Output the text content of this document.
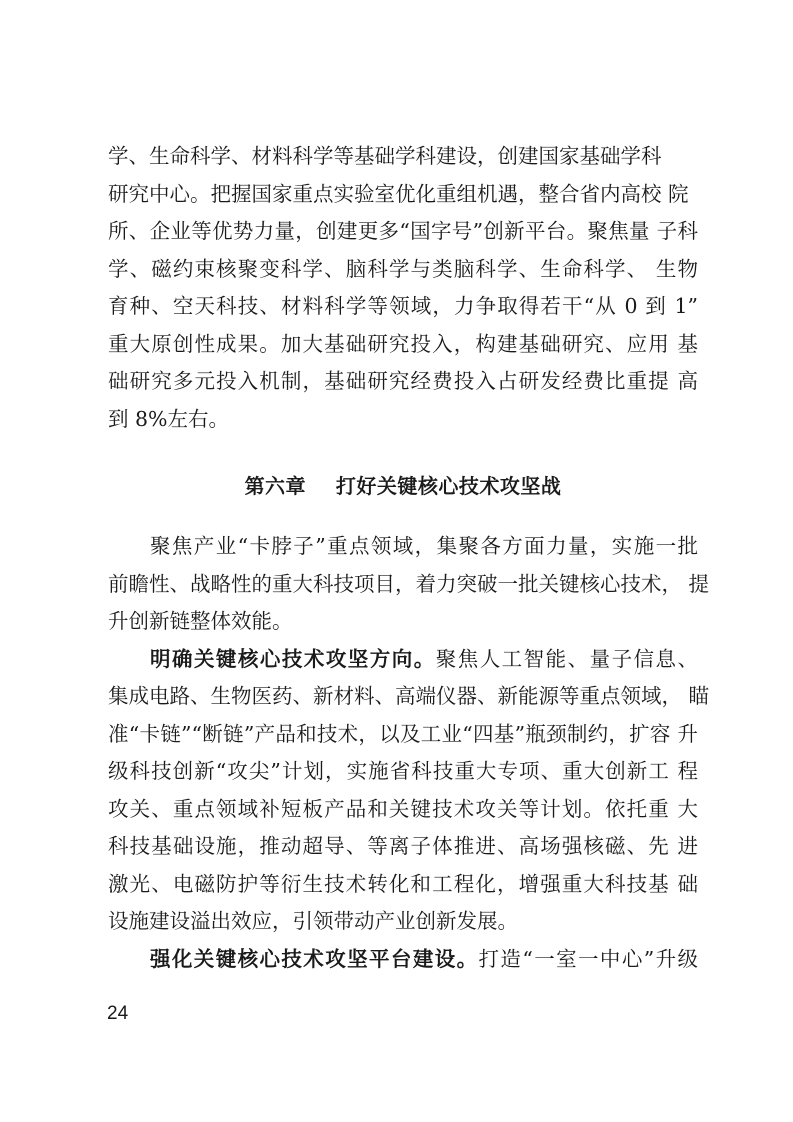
学、生命科学、材料科学等基础学科建设，创建国家基础学科
研究中心。把握国家重点实验室优化重组机遇，整合省内高校 院
所、企业等优势力量，创建更多“国字号”创新平台。聚焦量 子科
学、磁约束核聚变科学、脑科学与类脑科学、生命科学、 生物
育种、空天科技、材料科学等领域，力争取得若干“从 0 到 1”
重大原创性成果。加大基础研究投入，构建基础研究、应用 基
础研究多元投入机制，基础研究经费投入占研发经费比重提 高
到 8%左右。
第六章    打好关键核心技术攻坚战
聚焦产业“卡脖子”重点领域，集聚各方面力量，实施一批
前瞻性、战略性的重大科技项目，着力突破一批关键核心技术， 提
升创新链整体效能。
明确关键核心技术攻坚方向。聚焦人工智能、量子信息、
集成电路、生物医药、新材料、高端仪器、新能源等重点领域， 瞄
准“卡链”“断链”产品和技术，以及工业“四基”瓶颈制约，扩容 升
级科技创新“攻尖”计划，实施省科技重大专项、重大创新工 程
攻关、重点领域补短板产品和关键技术攻关等计划。依托重 大
科技基础设施，推动超导、等离子体推进、高场强核磁、先 进
激光、电磁防护等衍生技术转化和工程化，增强重大科技基 础
设施建设溢出效应，引领带动产业创新发展。
强化关键核心技术攻坚平台建设。打造“一室一中心”升级
24
